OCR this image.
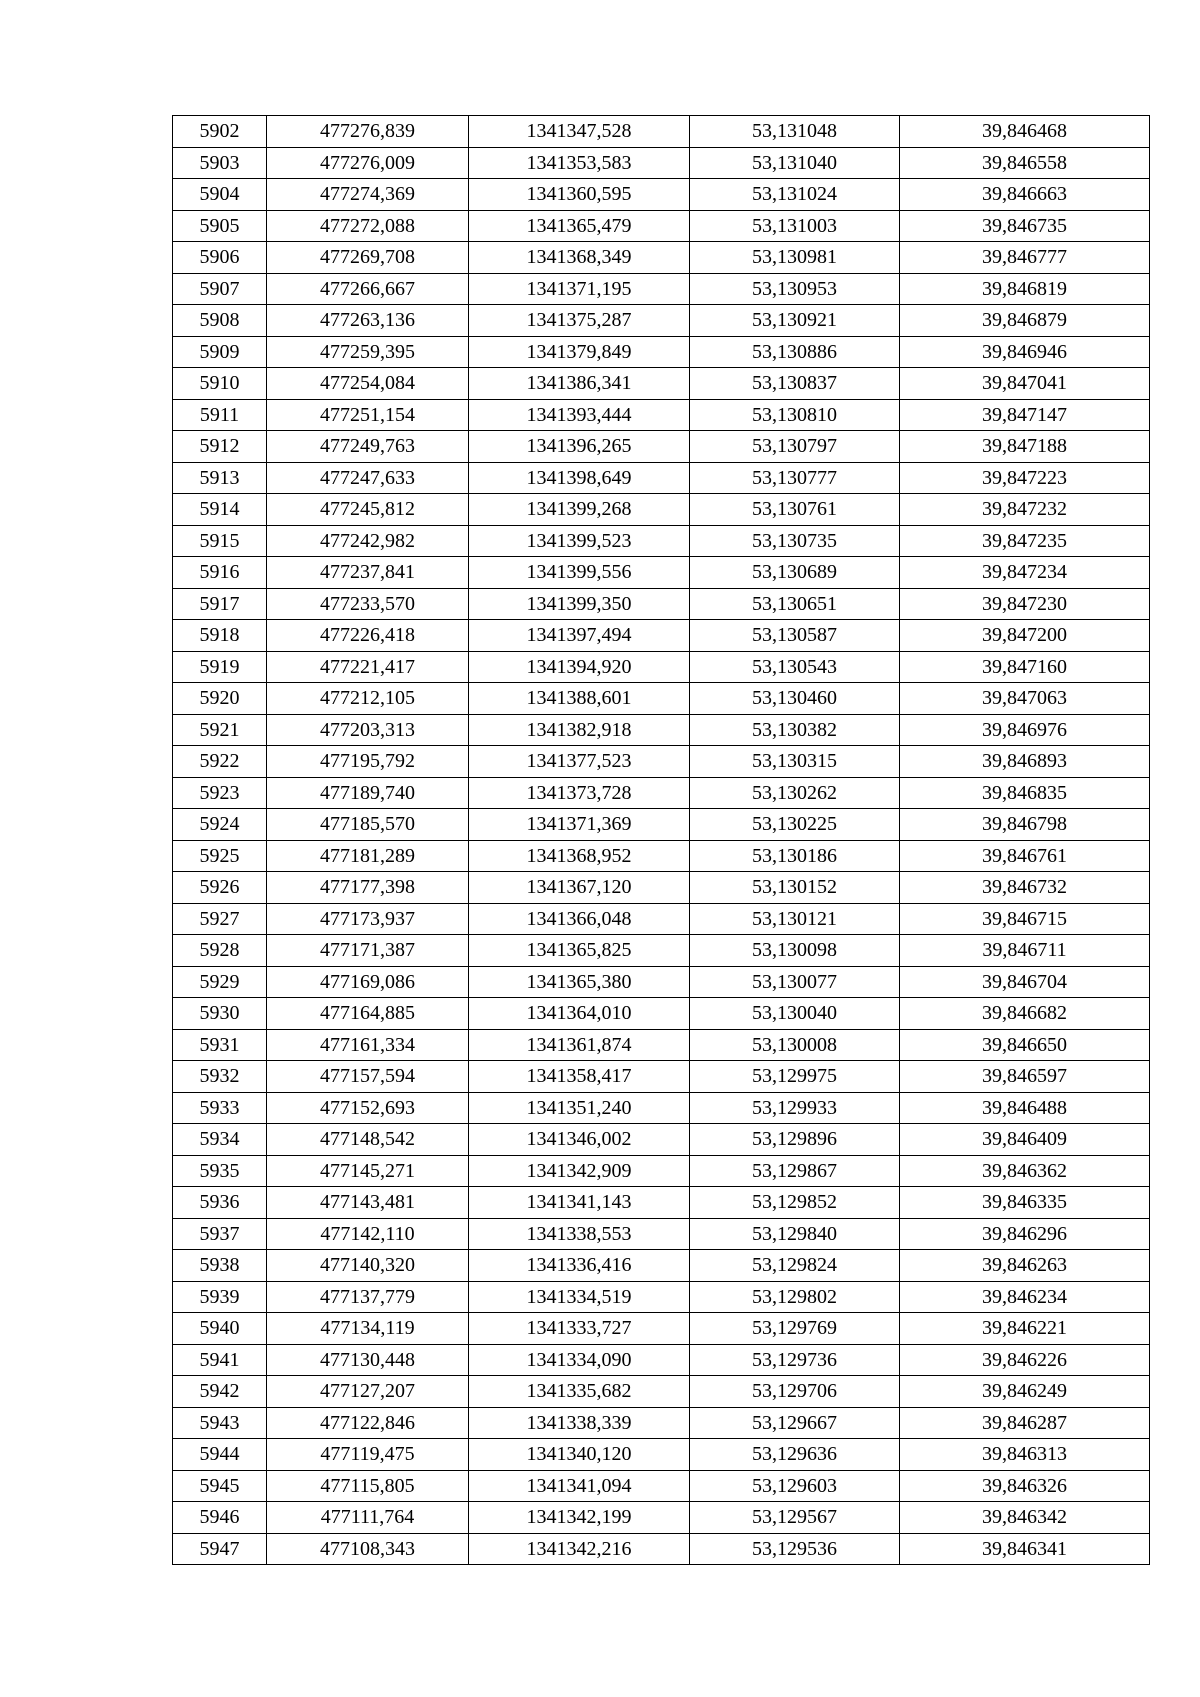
5902	477276,839	1341347,528	53,131048	39,846468
5903	477276,009	1341353,583	53,131040	39,846558
5904	477274,369	1341360,595	53,131024	39,846663
5905	477272,088	1341365,479	53,131003	39,846735
5906	477269,708	1341368,349	53,130981	39,846777
5907	477266,667	1341371,195	53,130953	39,846819
5908	477263,136	1341375,287	53,130921	39,846879
5909	477259,395	1341379,849	53,130886	39,846946
5910	477254,084	1341386,341	53,130837	39,847041
5911	477251,154	1341393,444	53,130810	39,847147
5912	477249,763	1341396,265	53,130797	39,847188
5913	477247,633	1341398,649	53,130777	39,847223
5914	477245,812	1341399,268	53,130761	39,847232
5915	477242,982	1341399,523	53,130735	39,847235
5916	477237,841	1341399,556	53,130689	39,847234
5917	477233,570	1341399,350	53,130651	39,847230
5918	477226,418	1341397,494	53,130587	39,847200
5919	477221,417	1341394,920	53,130543	39,847160
5920	477212,105	1341388,601	53,130460	39,847063
5921	477203,313	1341382,918	53,130382	39,846976
5922	477195,792	1341377,523	53,130315	39,846893
5923	477189,740	1341373,728	53,130262	39,846835
5924	477185,570	1341371,369	53,130225	39,846798
5925	477181,289	1341368,952	53,130186	39,846761
5926	477177,398	1341367,120	53,130152	39,846732
5927	477173,937	1341366,048	53,130121	39,846715
5928	477171,387	1341365,825	53,130098	39,846711
5929	477169,086	1341365,380	53,130077	39,846704
5930	477164,885	1341364,010	53,130040	39,846682
5931	477161,334	1341361,874	53,130008	39,846650
5932	477157,594	1341358,417	53,129975	39,846597
5933	477152,693	1341351,240	53,129933	39,846488
5934	477148,542	1341346,002	53,129896	39,846409
5935	477145,271	1341342,909	53,129867	39,846362
5936	477143,481	1341341,143	53,129852	39,846335
5937	477142,110	1341338,553	53,129840	39,846296
5938	477140,320	1341336,416	53,129824	39,846263
5939	477137,779	1341334,519	53,129802	39,846234
5940	477134,119	1341333,727	53,129769	39,846221
5941	477130,448	1341334,090	53,129736	39,846226
5942	477127,207	1341335,682	53,129706	39,846249
5943	477122,846	1341338,339	53,129667	39,846287
5944	477119,475	1341340,120	53,129636	39,846313
5945	477115,805	1341341,094	53,129603	39,846326
5946	477111,764	1341342,199	53,129567	39,846342
5947	477108,343	1341342,216	53,129536	39,846341
